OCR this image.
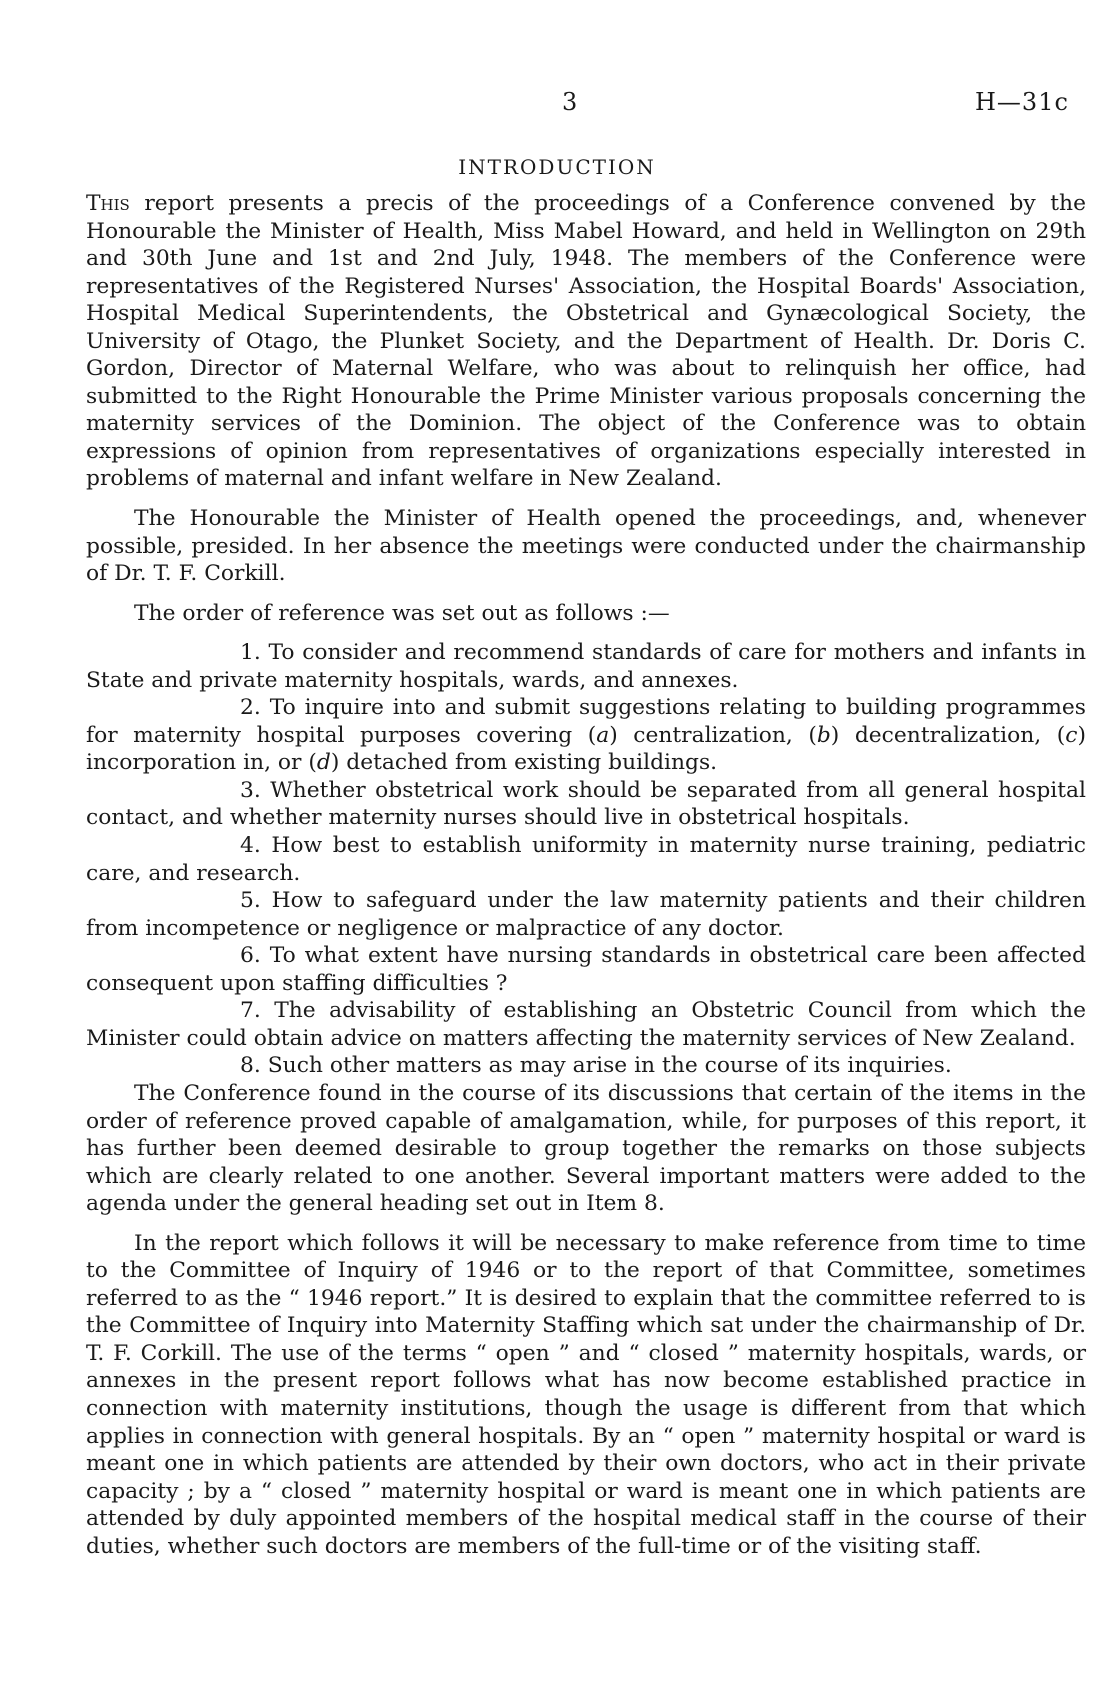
3	H—31c
INTRODUCTION

This report presents a precis of the proceedings of a Conference convened by the Honourable the Minister of Health, Miss Mabel Howard, and held in Wellington on 29th and 30th June and 1st and 2nd July, 1948. The members of the Conference were representatives of the Registered Nurses' Association, the Hospital Boards' Association, Hospital Medical Superintendents, the Obstetrical and Gynæcological Society, the University of Otago, the Plunket Society, and the Department of Health. Dr. Doris C. Gordon, Director of Maternal Welfare, who was about to relinquish her office, had submitted to the Right Honourable the Prime Minister various proposals concerning the maternity services of the Dominion. The object of the Conference was to obtain expressions of opinion from representatives of organizations especially interested in problems of maternal and infant welfare in New Zealand.

The Honourable the Minister of Health opened the proceedings, and, whenever possible, presided. In her absence the meetings were conducted under the chairmanship of Dr. T. F. Corkill.

The order of reference was set out as follows :—

1. To consider and recommend standards of care for mothers and infants in State and private maternity hospitals, wards, and annexes.

2. To inquire into and submit suggestions relating to building programmes for maternity hospital purposes covering (a) centralization, (b) decentralization, (c) incorporation in, or (d) detached from existing buildings.

3. Whether obstetrical work should be separated from all general hospital contact, and whether maternity nurses should live in obstetrical hospitals.

4. How best to establish uniformity in maternity nurse training, pediatric care, and research.

5. How to safeguard under the law maternity patients and their children from incompetence or negligence or malpractice of any doctor.

6. To what extent have nursing standards in obstetrical care been affected consequent upon staffing difficulties ?

7. The advisability of establishing an Obstetric Council from which the Minister could obtain advice on matters affecting the maternity services of New Zealand.

8. Such other matters as may arise in the course of its inquiries.

The Conference found in the course of its discussions that certain of the items in the order of reference proved capable of amalgamation, while, for purposes of this report, it has further been deemed desirable to group together the remarks on those subjects which are clearly related to one another. Several important matters were added to the agenda under the general heading set out in Item 8.

In the report which follows it will be necessary to make reference from time to time to the Committee of Inquiry of 1946 or to the report of that Committee, sometimes referred to as the “ 1946 report.” It is desired to explain that the committee referred to is the Committee of Inquiry into Maternity Staffing which sat under the chairmanship of Dr. T. F. Corkill. The use of the terms “ open ” and “ closed ” maternity hospitals, wards, or annexes in the present report follows what has now become established practice in connection with maternity institutions, though the usage is different from that which applies in connection with general hospitals. By an “ open ” maternity hospital or ward is meant one in which patients are attended by their own doctors, who act in their private capacity ; by a “ closed ” maternity hospital or ward is meant one in which patients are attended by duly appointed members of the hospital medical staff in the course of their duties, whether such doctors are members of the full-time or of the visiting staff.
